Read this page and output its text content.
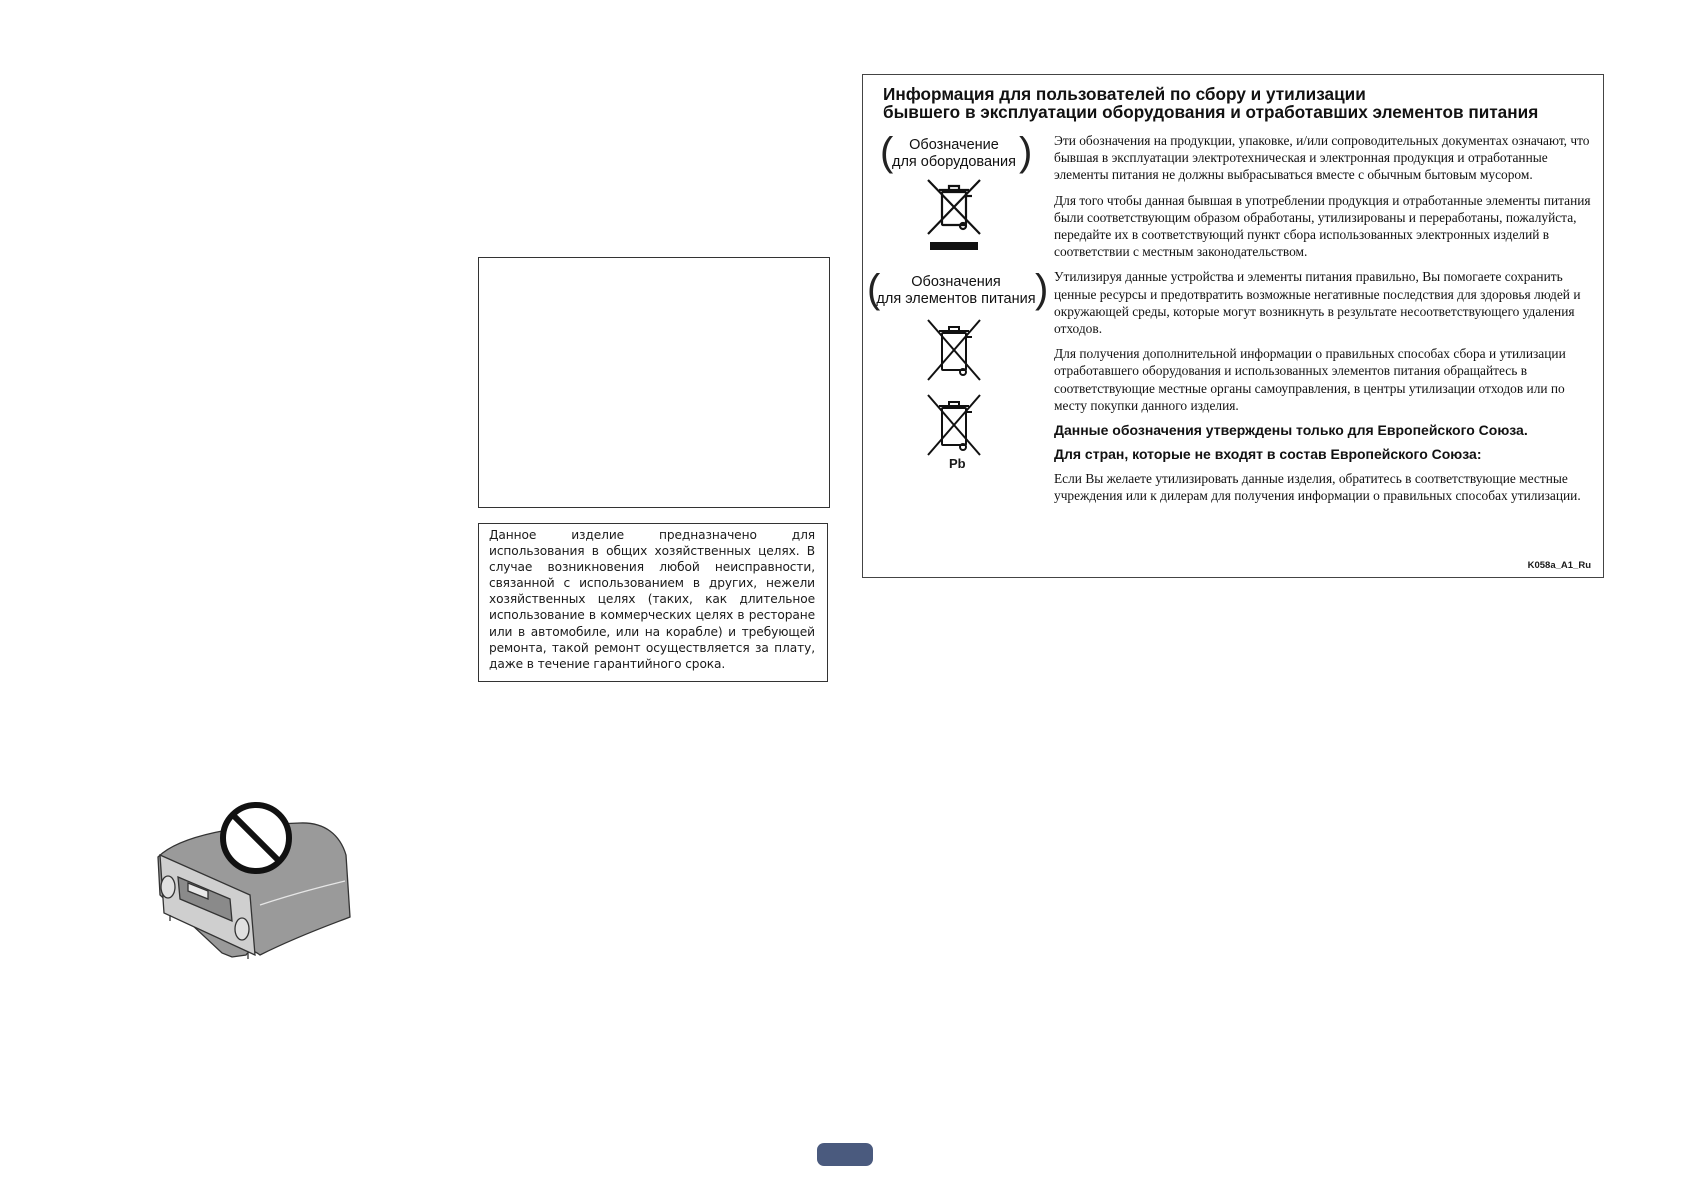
Данное изделие предназначено для использования в общих хозяйственных целях. В случае возникновения любой неисправности, связанной с использованием в других, нежели хозяйственных целях (таких, как длительное использование в коммерческих целях в ресторане или в автомобиле, или на корабле) и требующей ремонта, такой ремонт осуществляется за плату, даже в течение гарантийного срока.
Информация для пользователей по сбору и утилизации
бывшего в эксплуатации оборудования и отработавших элементов питания
(	Обозначение
для оборудования )
(	Обозначения
для элементов питания )
Pb

Эти обозначения на продукции, упаковке, и/или сопроводительных документах означают, что бывшая в эксплуатации электротехническая и электронная продукция и отработанные элементы питания не должны выбрасываться вместе с обычным бытовым мусором.

Для того чтобы данная бывшая в употреблении продукция и отработанные элементы питания были соответствующим образом обработаны, утилизированы и переработаны, пожалуйста, передайте их в соответствующий пункт сбора использованных электронных изделий в соответствии с местным законодательством.

Утилизируя данные устройства и элементы питания правильно, Вы помогаете сохранить ценные ресурсы и предотвратить возможные негативные последствия для здоровья людей и окружающей среды, которые могут возникнуть в результате несоответствующего удаления отходов.

Для получения дополнительной информации о правильных способах сбора и утилизации отработавшего оборудования и использованных элементов питания обращайтесь в соответствующие местные органы самоуправления, в центры утилизации отходов или по месту покупки данного изделия.

Данные обозначения утверждены только для Европейского Союза.
Для стран, которые не входят в состав Европейского Союза:

Если Вы желаете утилизировать данные изделия, обратитесь в соответствующие местные учреждения или к дилерам для получения информации о правильных способах утилизации.

K058a_A1_Ru
